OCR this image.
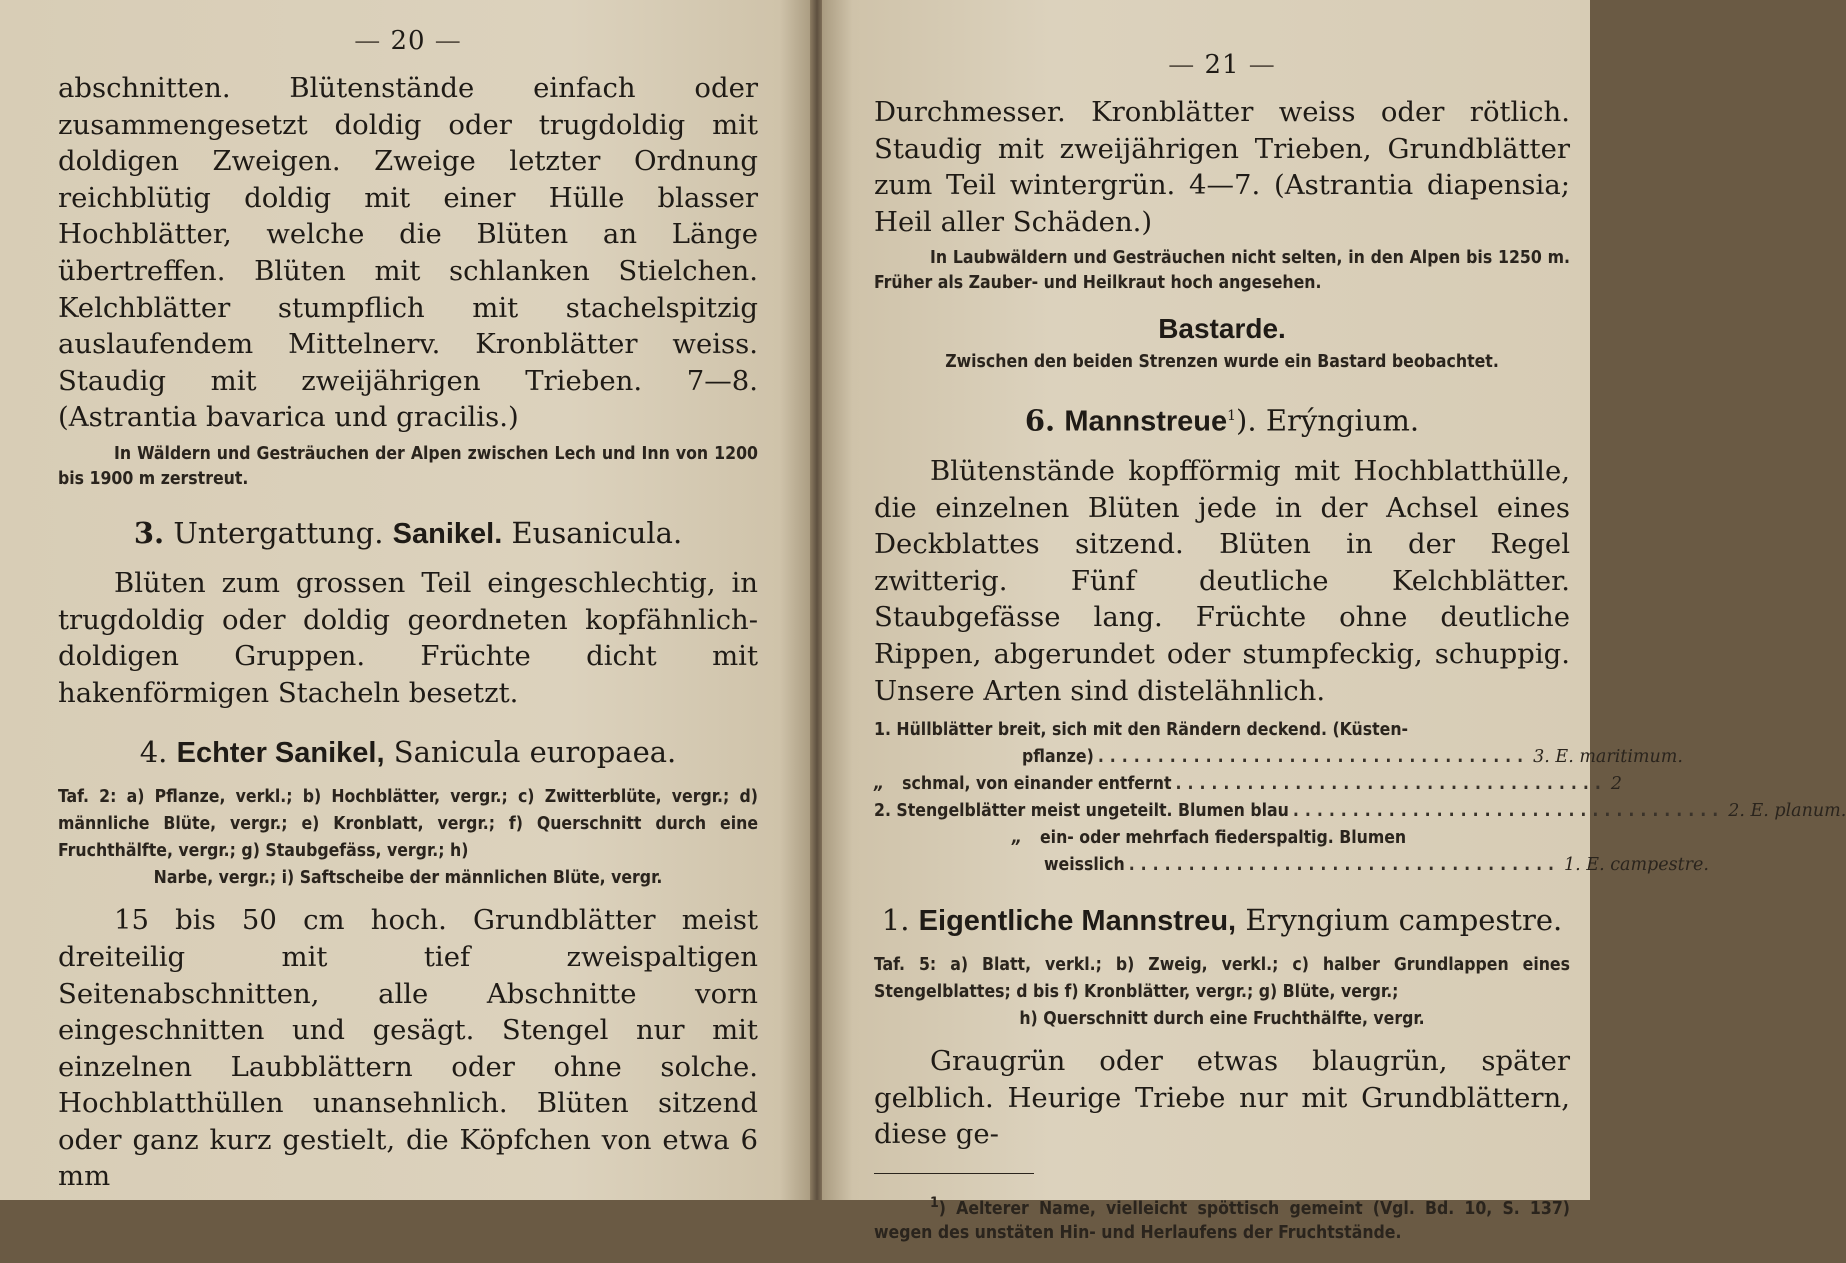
— 20 —

abschnitten. Blütenstände einfach oder zusammengesetzt doldig oder trugdoldig mit doldigen Zweigen. Zweige letzter Ordnung reichblütig doldig mit einer Hülle blasser Hochblätter, welche die Blüten an Länge übertreffen. Blüten mit schlanken Stielchen. Kelchblätter stumpflich mit stachelspitzig auslaufendem Mittelnerv. Kronblätter weiss. Staudig mit zweijährigen Trieben. 7—8. (Astrantia bavarica und gracilis.)

In Wäldern und Gesträuchen der Alpen zwischen Lech und Inn von 1200 bis 1900 m zerstreut.

3. Untergattung. Sanikel. Eusanicula.

Blüten zum grossen Teil eingeschlechtig, in trugdoldig oder doldig geordneten kopfähnlich-doldigen Gruppen. Früchte dicht mit hakenförmigen Stacheln besetzt.

4. Echter Sanikel, Sanicula europaea.
Taf. 2: a) Pflanze, verkl.; b) Hochblätter, vergr.; c) Zwitterblüte, vergr.; d) männliche Blüte, vergr.; e) Kronblatt, vergr.; f) Querschnitt durch eine Fruchthälfte, vergr.; g) Staubgefäss, vergr.; h)
Narbe, vergr.; i) Saftscheibe der männlichen Blüte, vergr.

15 bis 50 cm hoch. Grundblätter meist dreiteilig mit tief zweispaltigen Seitenabschnitten, alle Abschnitte vorn eingeschnitten und gesägt. Stengel nur mit einzelnen Laubblättern oder ohne solche. Hochblatthüllen unansehnlich. Blüten sitzend oder ganz kurz gestielt, die Köpfchen von etwa 6 mm

— 21 —

Durchmesser. Kronblätter weiss oder rötlich. Staudig mit zweijährigen Trieben, Grundblätter zum Teil wintergrün. 4—7. (Astrantia diapensia; Heil aller Schäden.)

In Laubwäldern und Gesträuchen nicht selten, in den Alpen bis 1250 m. Früher als Zauber- und Heilkraut hoch angesehen.

Bastarde.

Zwischen den beiden Strenzen wurde ein Bastard beobachtet.

6. Mannstreue$^1$). Erýngium.

Blütenstände kopfförmig mit Hochblatthülle, die einzelnen Blüten jede in der Achsel eines Deckblattes sitzend. Blüten in der Regel zwitterig. Fünf deutliche Kelchblätter. Staubgefässe lang. Früchte ohne deutliche Rippen, abgerundet oder stumpfeckig, schuppig. Unsere Arten sind distelähnlich.

1. Hüllblätter breit, sich mit den Rändern deckend. (Küsten-
pflanze) .................................... 3. E. maritimum.
„	schmal, von einander entfernt .................................... 2
2. Stengelblätter meist ungeteilt. Blumen blau .................................... 2. E. planum.
„	ein- oder mehrfach fiederspaltig. Blumen
weisslich .................................... 1. E. campestre.
1. Eigentliche Mannstreu, Eryngium campestre.
Taf. 5: a) Blatt, verkl.; b) Zweig, verkl.; c) halber Grundlappen eines Stengelblattes; d bis f) Kronblätter, vergr.; g) Blüte, vergr.;
h) Querschnitt durch eine Fruchthälfte, vergr.

Graugrün oder etwas blaugrün, später gelblich. Heurige Triebe nur mit Grundblättern, diese ge-

$^1$) Aelterer Name, vielleicht spöttisch gemeint (Vgl. Bd. 10, S. 137) wegen des unstäten Hin- und Herlaufens der Fruchtstände.
